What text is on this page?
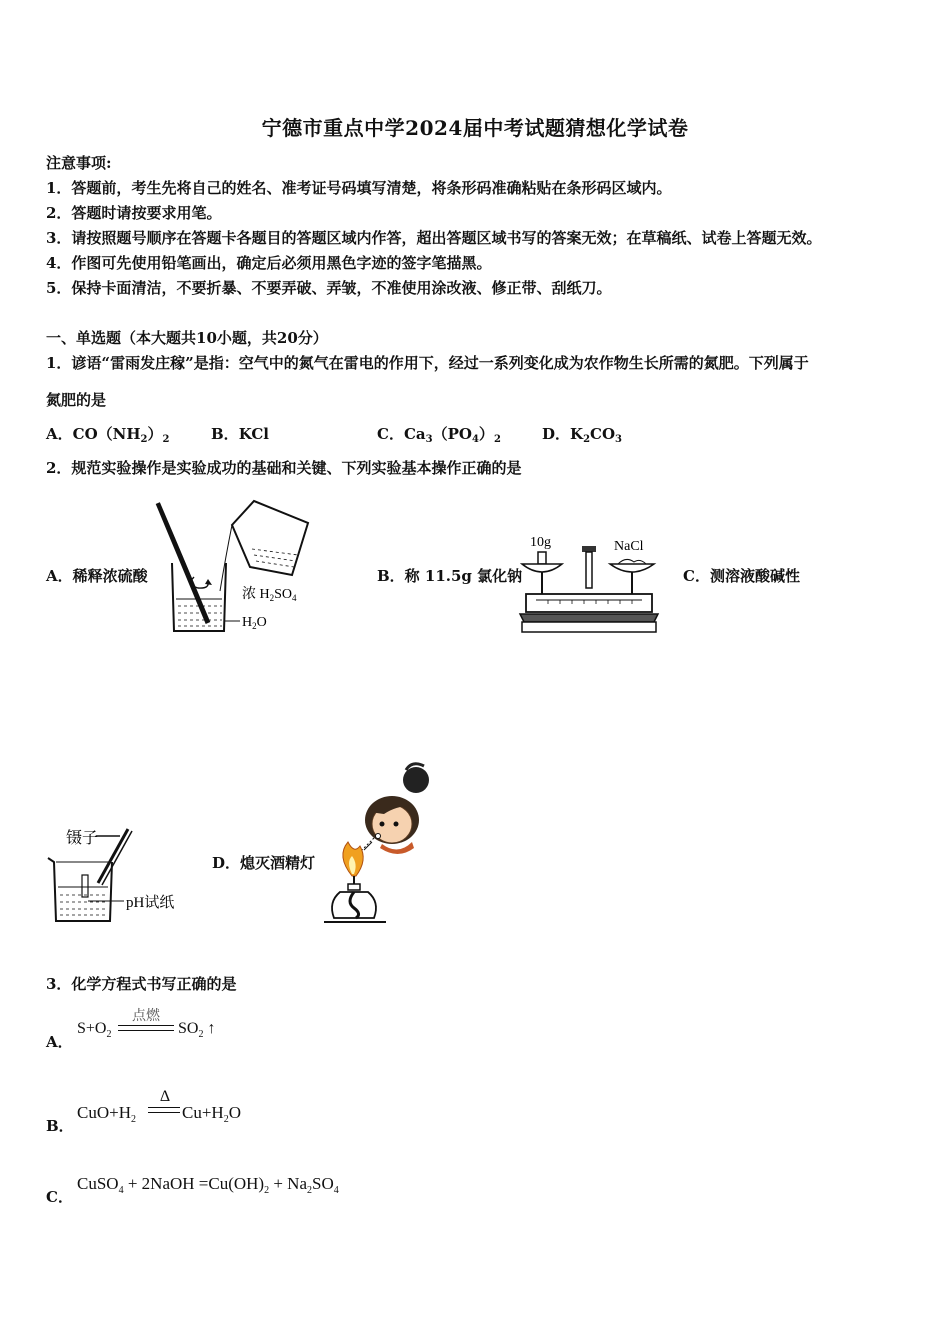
宁德市重点中学2024届中考试题猜想化学试卷
注意事项:
1．答题前，考生先将自己的姓名、准考证号码填写清楚，将条形码准确粘贴在条形码区域内。
2．答题时请按要求用笔。
3．请按照题号顺序在答题卡各题目的答题区域内作答，超出答题区域书写的答案无效；在草稿纸、试卷上答题无效。
4．作图可先使用铅笔画出，确定后必须用黑色字迹的签字笔描黑。
5．保持卡面清洁，不要折暴、不要弄破、弄皱，不准使用涂改液、修正带、刮纸刀。
一、单选题（本大题共10小题，共20分）
1．谚语“雷雨发庄稼”是指：空气中的氮气在雷电的作用下，经过一系列变化成为农作物生长所需的氮肥。下列属于
氮肥的是
A．$CO(NH_2)_2$	B．KCl	C．$Ca_3(PO_4)_2$	D．$K_2CO_3$
2．规范实验操作是实验成功的基础和关键、下列实验基本操作正确的是
A．稀释浓硫酸
浓 $H_2SO_4$
$H_2O$
B．称 11.5g 氯化钠
10g	NaCl
C．测溶液酸碱性
镊子
pH试纸
D．熄灭酒精灯
3．化学方程式书写正确的是
A．
$S+O_2$
点燃
$SO_2$ ↑
B．
$CuO+H_2$
Δ
$Cu+H_2O$
C．
CuSO$_4$ + 2NaOH $=Cu(OH)_2 + Na_2SO_4$
